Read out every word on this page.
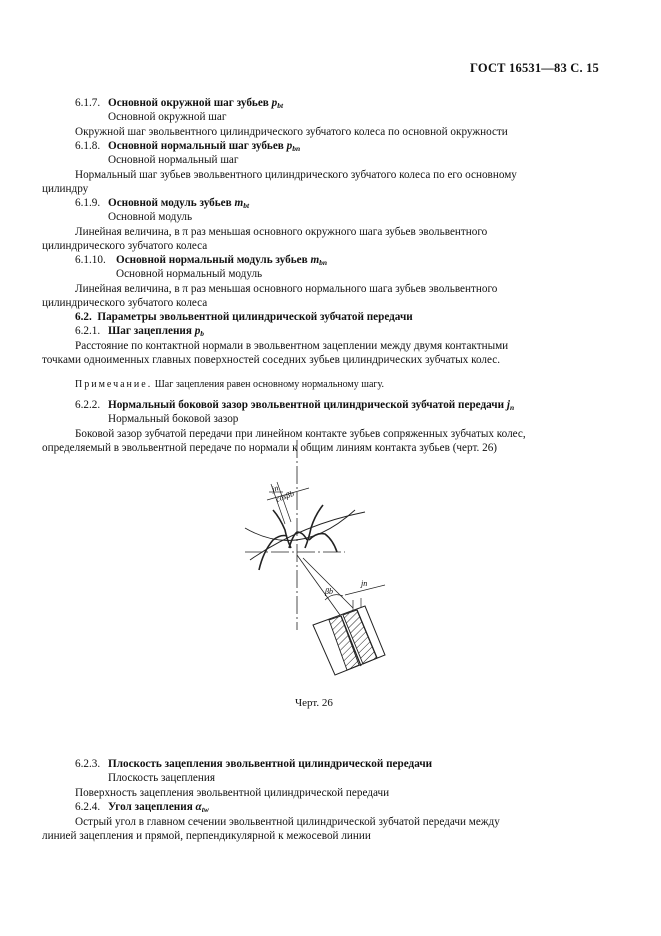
ГОСТ 16531—83 С. 15
6.1.7. Основной окружной шаг зубьев $p_{bt}$
Основной окружной шаг
Окружной шаг эвольвентного цилиндрического зубчатого колеса по основной окружности
6.1.8. Основной нормальный шаг зубьев $p_{bn}$
Основной нормальный шаг
Нормальный шаг зубьев эвольвентного цилиндрического зубчатого колеса по его основному
цилиндру
6.1.9. Основной модуль зубьев $m_{bt}$
Основной модуль
Линейная величина, в π раз меньшая основного окружного шага зубьев эвольвентного
цилиндрического зубчатого колеса
6.1.10. Основной нормальный модуль зубьев $m_{bn}$
Основной нормальный модуль
Линейная величина, в π раз меньшая основного нормального шага зубьев эвольвентного
цилиндрического зубчатого колеса
6.2. Параметры эвольвентной цилиндрической зубчатой передачи
6.2.1. Шаг зацепления $p_b$
Расстояние по контактной нормали в эвольвентном зацеплении между двумя контактными
точками одноименных главных поверхностей соседних зубьев цилиндрических зубчатых колес.
Примечание. Шаг зацепления равен основному нормальному шагу.
6.2.2. Нормальный боковой зазор эвольвентной цилиндрической зубчатой передачи $j_n$
Нормальный боковой зазор
Боковой зазор зубчатой передачи при линейном контакте зубьев сопряженных зубчатых колес,
определяемый в эвольвентной передаче по нормали к общим линиям контакта зубьев (черт. 26)
jn
cosβb
βb
jn
Черт. 26
6.2.3. Плоскость зацепления эвольвентной цилиндрической передачи
Плоскость зацепления
Поверхность зацепления эвольвентной цилиндрической передачи
6.2.4. Угол зацепления $\alpha_{tw}$
Острый угол в главном сечении эвольвентной цилиндрической зубчатой передачи между
линией зацепления и прямой, перпендикулярной к межосевой линии
